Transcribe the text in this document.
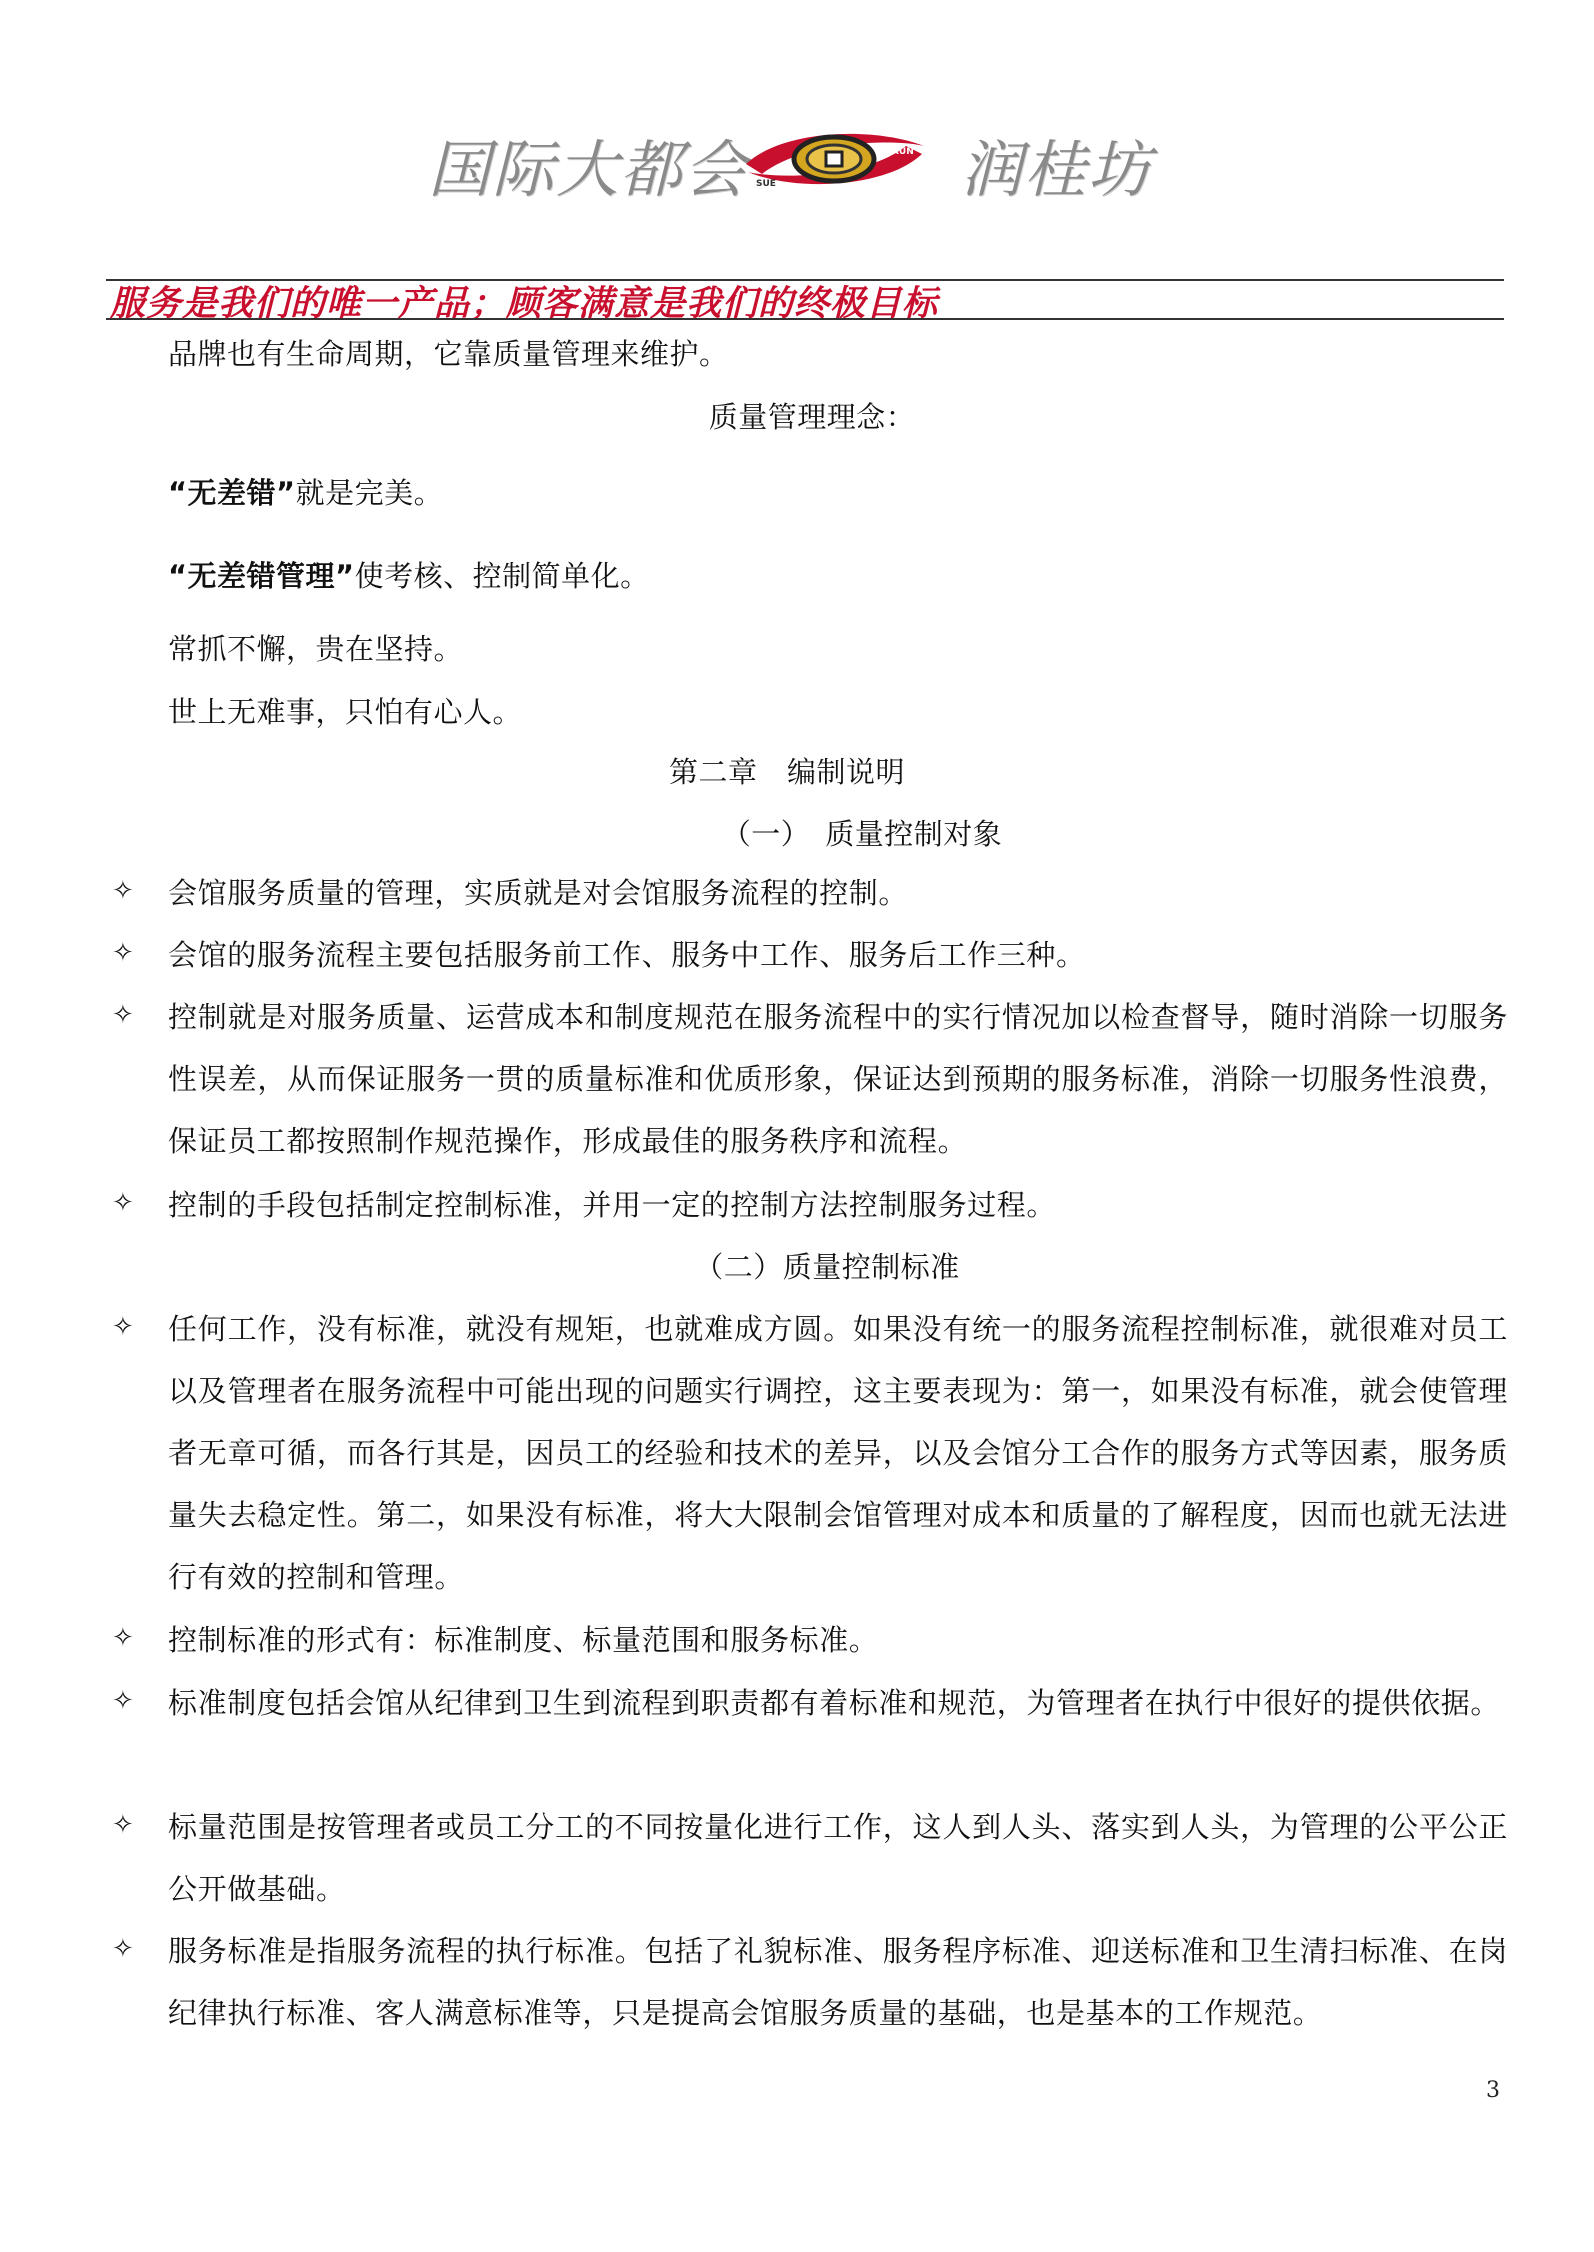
国际大都会 SUE
RUN 润桂坊
服务是我们的唯一产品；顾客满意是我们的终极目标
品牌也有生命周期，它靠质量管理来维护。
质量管理理念：
“无差错”就是完美。
“无差错管理”使考核、控制简单化。
常抓不懈，贵在坚持。
世上无难事，只怕有心人。
第二章　编制说明
（一）　质量控制对象
✧ 会馆服务质量的管理，实质就是对会馆服务流程的控制。
✧ 会馆的服务流程主要包括服务前工作、服务中工作、服务后工作三种。
✧ 控制就是对服务质量、运营成本和制度规范在服务流程中的实行情况加以检查督导，随时消除一切服务性误差，从而保证服务一贯的质量标准和优质形象，保证达到预期的服务标准，消除一切服务性浪费，保证员工都按照制作规范操作，形成最佳的服务秩序和流程。
✧ 控制的手段包括制定控制标准，并用一定的控制方法控制服务过程。
（二）质量控制标准
✧ 任何工作，没有标准，就没有规矩，也就难成方圆。如果没有统一的服务流程控制标准，就很难对员工以及管理者在服务流程中可能出现的问题实行调控，这主要表现为：第一，如果没有标准，就会使管理者无章可循，而各行其是，因员工的经验和技术的差异，以及会馆分工合作的服务方式等因素，服务质量失去稳定性。第二，如果没有标准，将大大限制会馆管理对成本和质量的了解程度，因而也就无法进行有效的控制和管理。
✧ 控制标准的形式有：标准制度、标量范围和服务标准。
✧ 标准制度包括会馆从纪律到卫生到流程到职责都有着标准和规范，为管理者在执行中很好的提供依据。
✧ 标量范围是按管理者或员工分工的不同按量化进行工作，这人到人头、落实到人头，为管理的公平公正公开做基础。
✧ 服务标准是指服务流程的执行标准。包括了礼貌标准、服务程序标准、迎送标准和卫生清扫标准、在岗纪律执行标准、客人满意标准等，只是提高会馆服务质量的基础，也是基本的工作规范。
3
